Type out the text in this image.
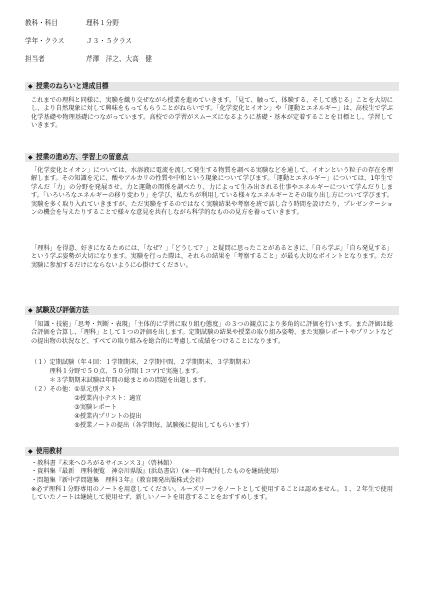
教科・科目	理科１分野
学年・クラス	Ｊ３・５クラス
担当者	芹澤　洋之、大高　健
◆ 授業のねらいと達成目標
これまでの理科と同様に、実験を織り交ぜながら授業を進めていきます。「見て、触って、体験する、そして感じる」ことを大切にし、より自然現象に対して興味をもってもらうことがねらいです。「化学変化とイオン」や「運動とエネルギー」は、高校生で学ぶ化学基礎や物理基礎につながっています。高校での学習がスムーズになるように基礎・基本が定着することを目標とし、学習していきます。
◆ 授業の進め方、学習上の留意点
「化学変化とイオン」については、水溶液に電流を流して発生する物質を調べる実験などを通して、イオンという粒子の存在を理解します。その知識を元に、酸やアルカリの性質や中和という現象について学びます。「運動とエネルギー」については、1年生で学んだ「力」の分野を発展させ、力と運動の関係を調べたり、力によって生み出される仕事やエネルギーについて学んだりします。「いろいろなエネルギーの移り変わり」を学び、私たちが利用している様々なエネルギーとその取り出し方について学びます。実験を多く取り入れていきますが、ただ実験をするのではなく実験結果や考察を班で話し合う時間を設けたり、プレゼンテーションの機会を与えたりすることで様々な意見を共有しながら科学的なものの見方を養っていきます。
「理科」を得意、好きになるためには、「なぜ？」「どうして？」と疑問に思ったことがあるときに、「自ら学ぶ」「自ら発見する」という学ぶ姿勢が大切になります。実験を行った際は、それらの結果を「考察すること」が最も大切なポイントとなります。ただ実験に参加するだけにならないように心掛けてください。
◆ 試験及び評価方法
「知識・技能」「思考・判断・表現」「主体的に学習に取り組む態度」の３つの観点により多角的に評価を行います。また評価は総合評価を合算し、「理科」として１つの評価を出します。定期試験の結果や授業の取り組み姿勢、また実験レポートやプリントなどの提出物の状況など、すべての取り組みを総合的に考慮して成績をつけることになります。
（１）定期試験（年４回：１学期期末、２学期中間、２学期期末、３学期期末）
　　　理科１分野で５０点、５０分間(１コマ)で実施します。
　　　＊３学期期末試験は年間の総まとめの問題を出題します。
（２）その他：①単元別テスト
　　　　　　　②授業内小テスト：適宜
　　　　　　　③実験レポート
　　　　　　　④授業内プリントの提出
　　　　　　　⑤授業ノートの提出（各学期毎、試験後に提出してもらいます）
◆ 使用教材
・教科書『未来へひろがるサイエンス３』（啓林館）
・資料集『最新　理科便覧　神奈川県版』(浜島書店）(※一昨年配付したものを継続使用）
・問題集『新中学問題集　理科３年』（教育開発出版株式会社）
※必ず理科１分野専用のノートを用意してください。ルーズリーフをノートとして使用することは認めません。１、２年生で使用していたノートは継続して使用せず、新しいノートを用意することをおすすめします。
